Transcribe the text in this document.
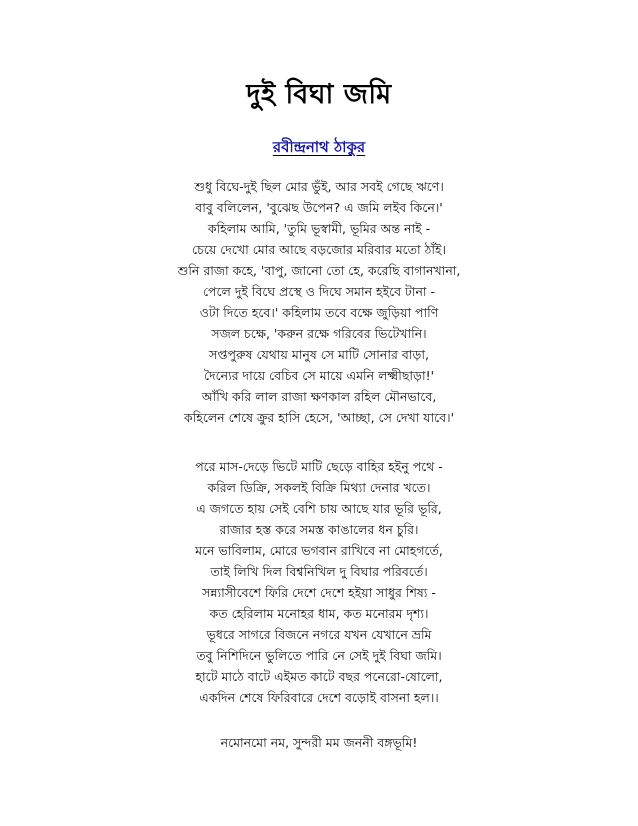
দুই বিঘা জমি
রবীন্দ্রনাথ ঠাকুর
শুধু বিঘে-দুই ছিল মোর ভুঁই, আর সবই গেছে ঋণে।
বাবু বলিলেন, 'বুঝেছ উপেন? এ জমি লইব কিনে।'
কহিলাম আমি, 'তুমি ভূস্বামী, ভূমির অন্ত নাই -
চেয়ে দেখো মোর আছে বড়জোর মরিবার মতো ঠাঁই।
শুনি রাজা কহে, 'বাপু, জানো তো হে, করেছি বাগানখানা,
পেলে দুই বিঘে প্রস্থে ও দিঘে সমান হইবে টানা -
ওটা দিতে হবে।' কহিলাম তবে বক্ষে জুড়িয়া পাণি
সজল চক্ষে, 'করুন রক্ষে গরিবের ভিটেখানি।
সপ্তপুরুষ যেথায় মানুষ সে মাটি সোনার বাড়া,
দৈন্যের দায়ে বেচিব সে মায়ে এমনি লক্ষ্মীছাড়া!'
আঁখি করি লাল রাজা ক্ষণকাল রহিল মৌনভাবে,
কহিলেন শেষে ক্রুর হাসি হেসে, 'আচ্ছা, সে দেখা যাবে।'
পরে মাস-দেড়ে ভিটে মাটি ছেড়ে বাহির হইনু পথে -
করিল ডিক্রি, সকলই বিক্রি মিথ্যা দেনার খতে।
এ জগতে হায় সেই বেশি চায় আছে যার ভূরি ভূরি,
রাজার হস্ত করে সমস্ত কাঙালের ধন চুরি।
মনে ভাবিলাম, মোরে ভগবান রাখিবে না মোহগর্তে,
তাই লিখি দিল বিশ্বনিখিল দু বিঘার পরিবর্তে।
সন্ন্যাসীবেশে ফিরি দেশে দেশে হইয়া সাধুর শিষ্য -
কত হেরিলাম মনোহর ধাম, কত মনোরম দৃশ্য।
ভূধরে সাগরে বিজনে নগরে যখন যেখানে ভ্রমি
তবু নিশিদিনে ভুলিতে পারি নে সেই দুই বিঘা জমি।
হাটে মাঠে বাটে এইমত কাটে বছর পনেরো-ষোলো,
একদিন শেষে ফিরিবারে দেশে বড়োই বাসনা হল।।
নমোনমো নম, সুন্দরী মম জননী বঙ্গভূমি!
